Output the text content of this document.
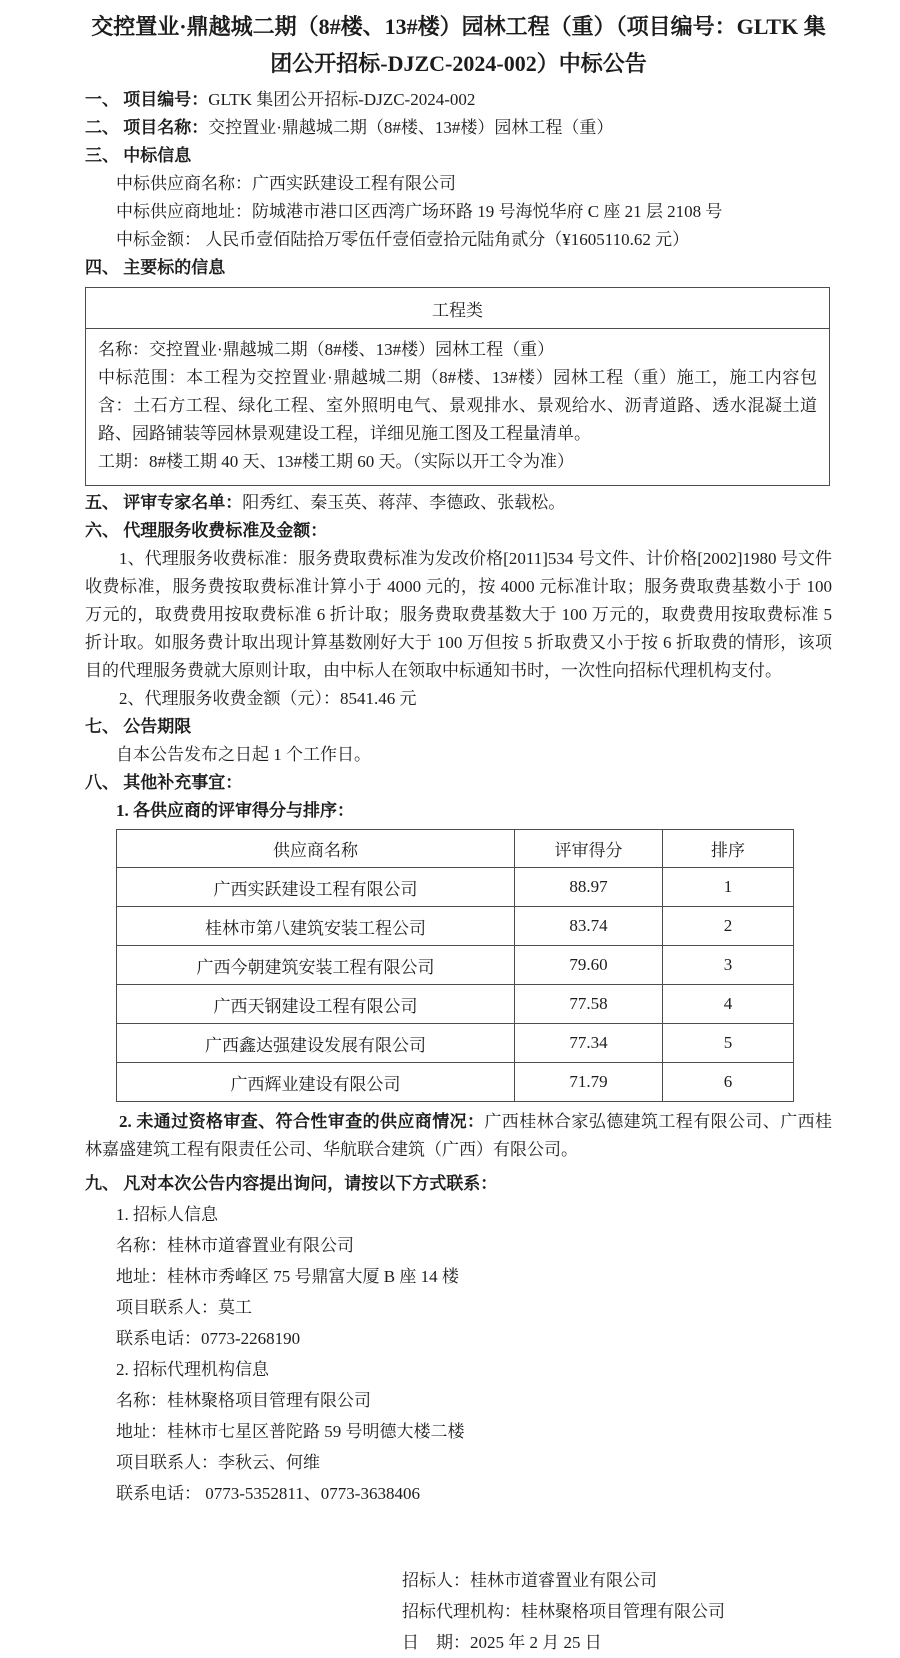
交控置业·鼎越城二期（8#楼、13#楼）园林工程（重）（项目编号：GLTK 集团公开招标-DJZC-2024-002）中标公告
一、 项目编号：GLTK 集团公开招标-DJZC-2024-002
二、 项目名称：交控置业·鼎越城二期（8#楼、13#楼）园林工程（重）
三、 中标信息
中标供应商名称：广西实跃建设工程有限公司
中标供应商地址：防城港市港口区西湾广场环路 19 号海悦华府 C 座 21 层 2108 号
中标金额： 人民币壹佰陆拾万零伍仟壹佰壹拾元陆角贰分（¥1605110.62 元）
四、 主要标的信息
工程类

名称：交控置业·鼎越城二期（8#楼、13#楼）园林工程（重）

中标范围：本工程为交控置业·鼎越城二期（8#楼、13#楼）园林工程（重）施工，施工内容包含：土石方工程、绿化工程、室外照明电气、景观排水、景观给水、沥青道路、透水混凝土道路、园路铺装等园林景观建设工程，详细见施工图及工程量清单。

工期：8#楼工期 40 天、13#楼工期 60 天。（实际以开工令为准）

五、 评审专家名单：阳秀红、秦玉英、蒋萍、李德政、张载松。
六、 代理服务收费标准及金额：

1、代理服务收费标准：服务费取费标准为发改价格[2011]534 号文件、计价格[2002]1980 号文件收费标准，服务费按取费标准计算小于 4000 元的，按 4000 元标准计取；服务费取费基数小于 100 万元的，取费费用按取费标准 6 折计取；服务费取费基数大于 100 万元的，取费费用按取费标准 5 折计取。如服务费计取出现计算基数刚好大于 100 万但按 5 折取费又小于按 6 折取费的情形，该项目的代理服务费就大原则计取，由中标人在领取中标通知书时，一次性向招标代理机构支付。

2、代理服务收费金额（元）：8541.46 元

七、 公告期限
自本公告发布之日起 1 个工作日。
八、 其他补充事宜：
1. 各供应商的评审得分与排序：
供应商名称	评审得分	排序
广西实跃建设工程有限公司	88.97	1
桂林市第八建筑安装工程公司	83.74	2
广西今朝建筑安装工程有限公司	79.60	3
广西天钢建设工程有限公司	77.58	4
广西鑫达强建设发展有限公司	77.34	5
广西辉业建设有限公司	71.79	6

2. 未通过资格审查、符合性审查的供应商情况：广西桂林合家弘德建筑工程有限公司、广西桂林嘉盛建筑工程有限责任公司、华航联合建筑（广西）有限公司。

九、 凡对本次公告内容提出询问，请按以下方式联系：
1. 招标人信息
名称：桂林市道睿置业有限公司
地址：桂林市秀峰区 75 号鼎富大厦 B 座 14 楼
项目联系人：莫工
联系电话：0773-2268190
2. 招标代理机构信息
名称：桂林聚格项目管理有限公司
地址：桂林市七星区普陀路 59 号明德大楼二楼
项目联系人：李秋云、何维
联系电话： 0773-5352811、0773-3638406
招标人：桂林市道睿置业有限公司
招标代理机构：桂林聚格项目管理有限公司
日　期：2025 年 2 月 25 日
